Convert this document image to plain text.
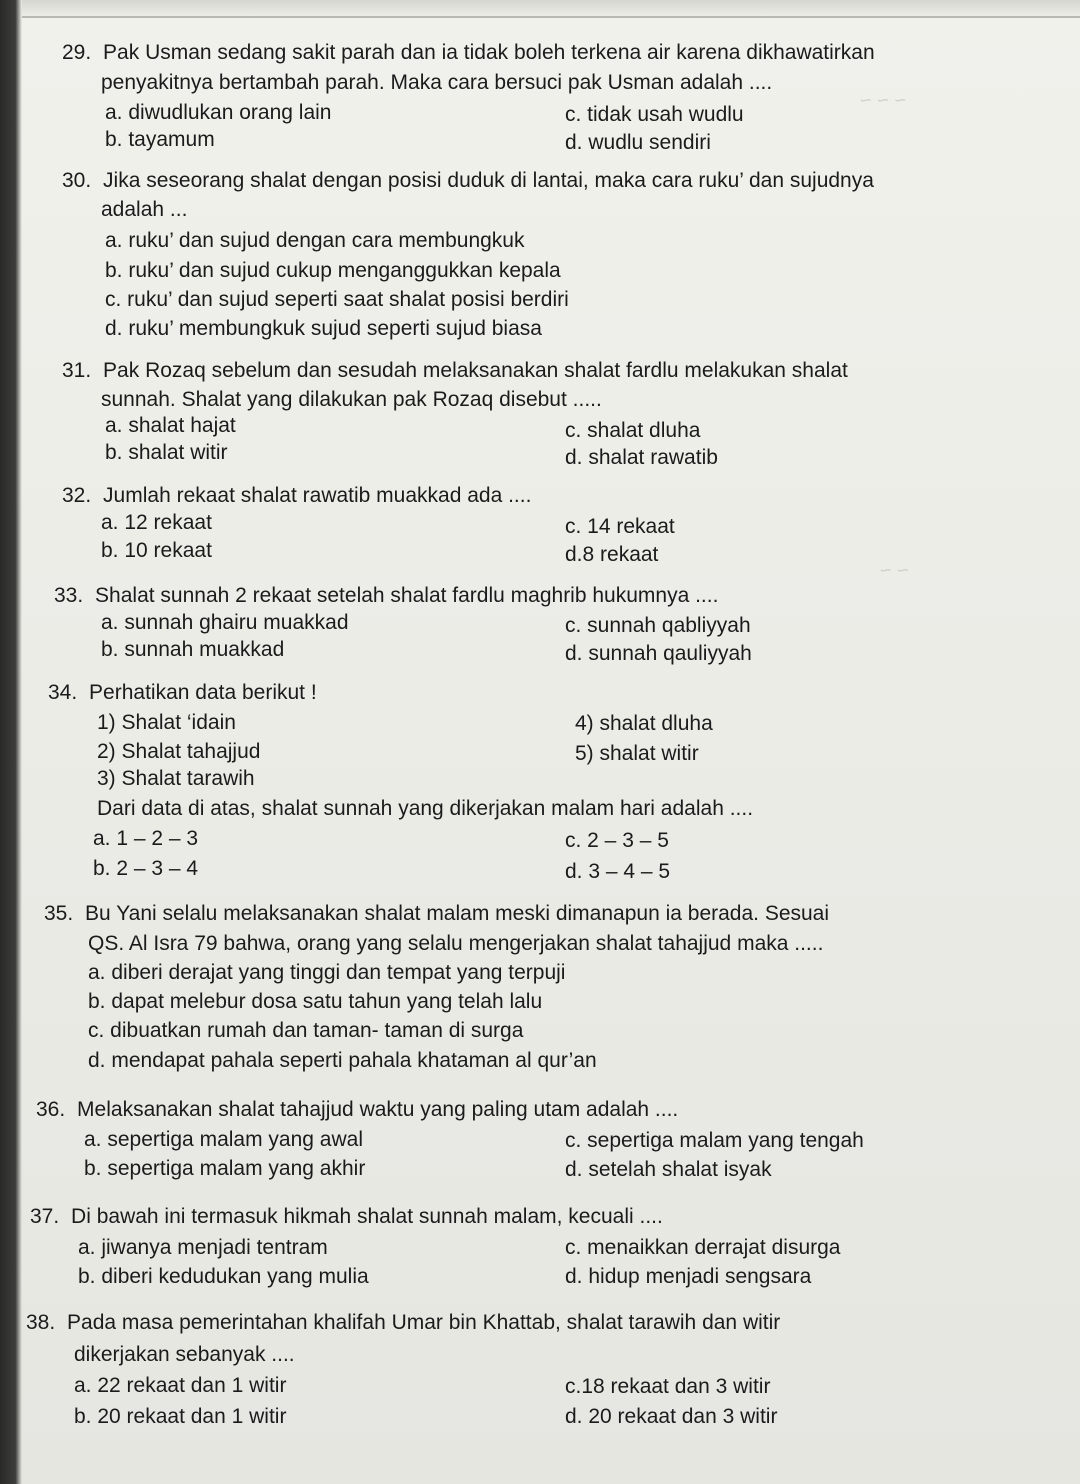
~ ~ ~
~ ~
29. Pak Usman sedang sakit parah dan ia tidak boleh terkena air karena dikhawatirkan
penyakitnya bertambah parah. Maka cara bersuci pak Usman adalah ....
a. diwudlukan orang lain	c. tidak usah wudlu
b. tayamum	d. wudlu sendiri
30. Jika seseorang shalat dengan posisi duduk di lantai, maka cara ruku’ dan sujudnya
adalah ...
a. ruku’ dan sujud dengan cara membungkuk
b. ruku’ dan sujud cukup menganggukkan kepala
c. ruku’ dan sujud seperti saat shalat posisi berdiri
d. ruku’ membungkuk sujud seperti sujud biasa
31. Pak Rozaq sebelum dan sesudah melaksanakan shalat fardlu melakukan shalat
sunnah. Shalat yang dilakukan pak Rozaq disebut .....
a. shalat hajat	c. shalat dluha
b. shalat witir	d. shalat rawatib
32. Jumlah rekaat shalat rawatib muakkad ada ....
a. 12 rekaat	c. 14 rekaat
b. 10 rekaat	d.8 rekaat
33. Shalat sunnah 2 rekaat setelah shalat fardlu maghrib hukumnya ....
a. sunnah ghairu muakkad	c. sunnah qabliyyah
b. sunnah muakkad	d. sunnah qauliyyah
34. Perhatikan data berikut !
1) Shalat ‘idain	4) shalat dluha
2) Shalat tahajjud	5) shalat witir
3) Shalat tarawih
Dari data di atas, shalat sunnah yang dikerjakan malam hari adalah ....
a. 1 – 2 – 3	c. 2 – 3 – 5
b. 2 – 3 – 4	d. 3 – 4 – 5
35. Bu Yani selalu melaksanakan shalat malam meski dimanapun ia berada. Sesuai
QS. Al Isra 79 bahwa, orang yang selalu mengerjakan shalat tahajjud maka .....
a. diberi derajat yang tinggi dan tempat yang terpuji
b. dapat melebur dosa satu tahun yang telah lalu
c. dibuatkan rumah dan taman- taman di surga
d. mendapat pahala seperti pahala khataman al qur’an
36. Melaksanakan shalat tahajjud waktu yang paling utam adalah ....
a. sepertiga malam yang awal	c. sepertiga malam yang tengah
b. sepertiga malam yang akhir	d. setelah shalat isyak
37. Di bawah ini termasuk hikmah shalat sunnah malam, kecuali ....
a. jiwanya menjadi tentram	c. menaikkan derrajat disurga
b. diberi kedudukan yang mulia	d. hidup menjadi sengsara
38. Pada masa pemerintahan khalifah Umar bin Khattab, shalat tarawih dan witir
dikerjakan sebanyak ....
a. 22 rekaat dan 1 witir	c.18 rekaat dan 3 witir
b. 20 rekaat dan 1 witir	d. 20 rekaat dan 3 witir
